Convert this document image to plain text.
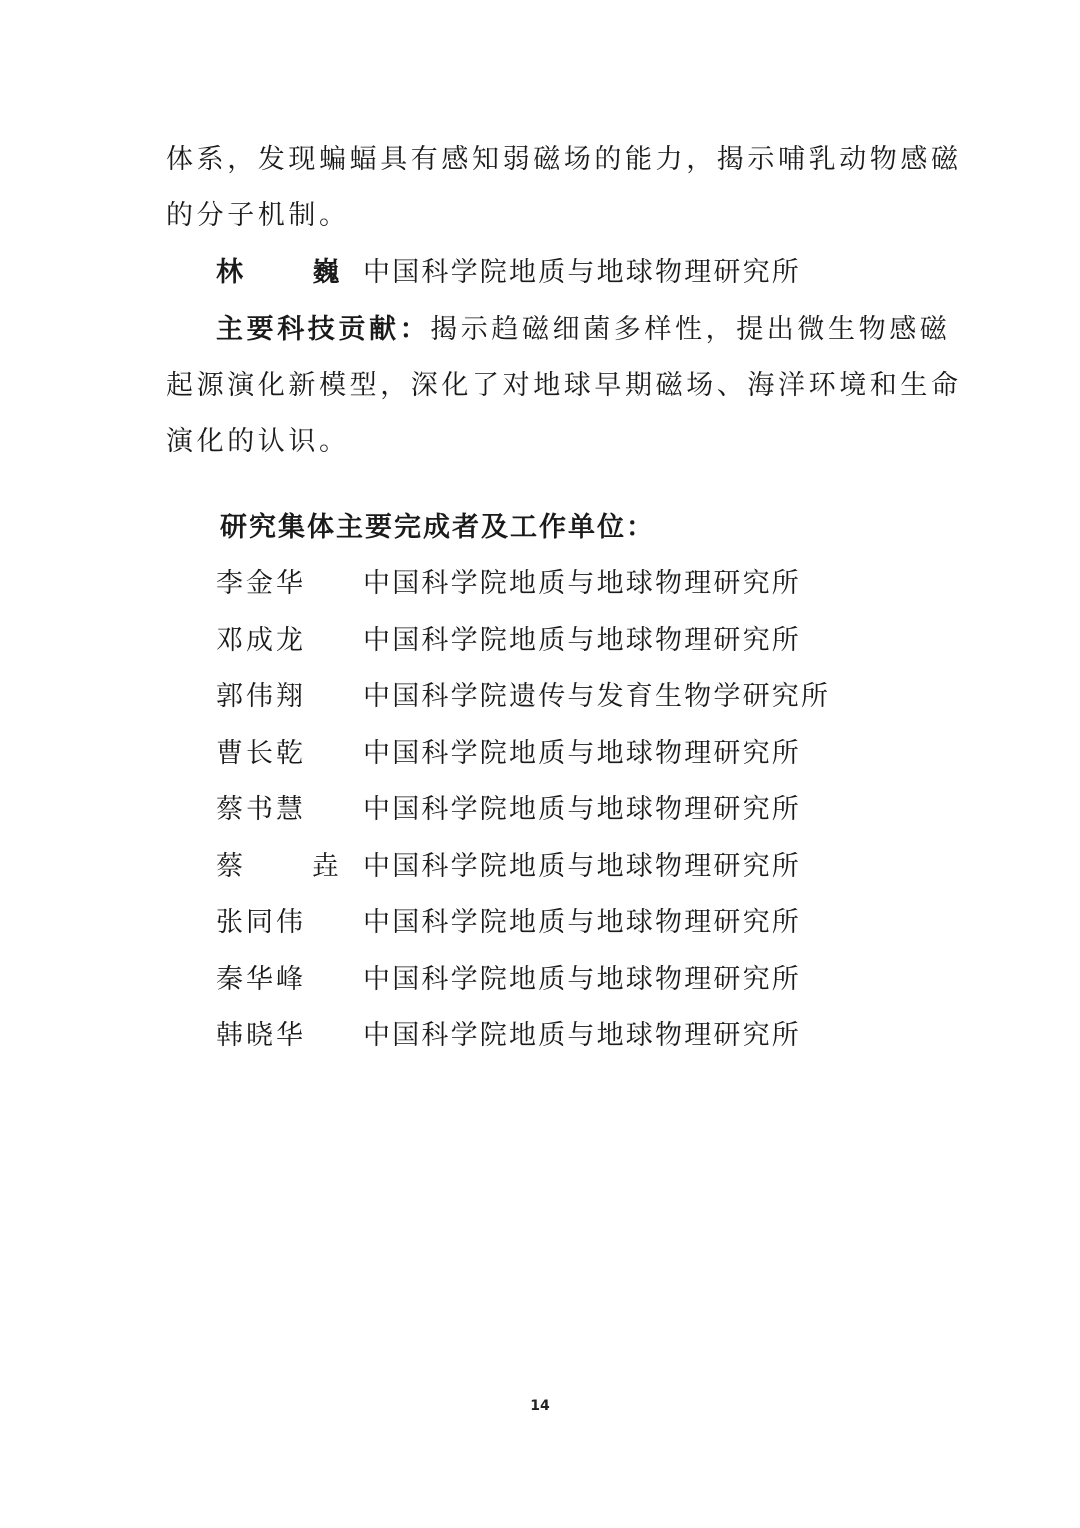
体系，发现蝙蝠具有感知弱磁场的能力，揭示哺乳动物感磁
的分子机制。
林 巍
中国科学院地质与地球物理研究所
主要科技贡献：揭示趋磁细菌多样性，提出微生物感磁
起源演化新模型，深化了对地球早期磁场、海洋环境和生命
演化的认识。
研究集体主要完成者及工作单位：
李金华 中国科学院地质与地球物理研究所
邓成龙 中国科学院地质与地球物理研究所
郭伟翔 中国科学院遗传与发育生物学研究所
曹长乾 中国科学院地质与地球物理研究所
蔡书慧 中国科学院地质与地球物理研究所
蔡 垚
中国科学院地质与地球物理研究所
张同伟 中国科学院地质与地球物理研究所
秦华峰 中国科学院地质与地球物理研究所
韩晓华 中国科学院地质与地球物理研究所
14
